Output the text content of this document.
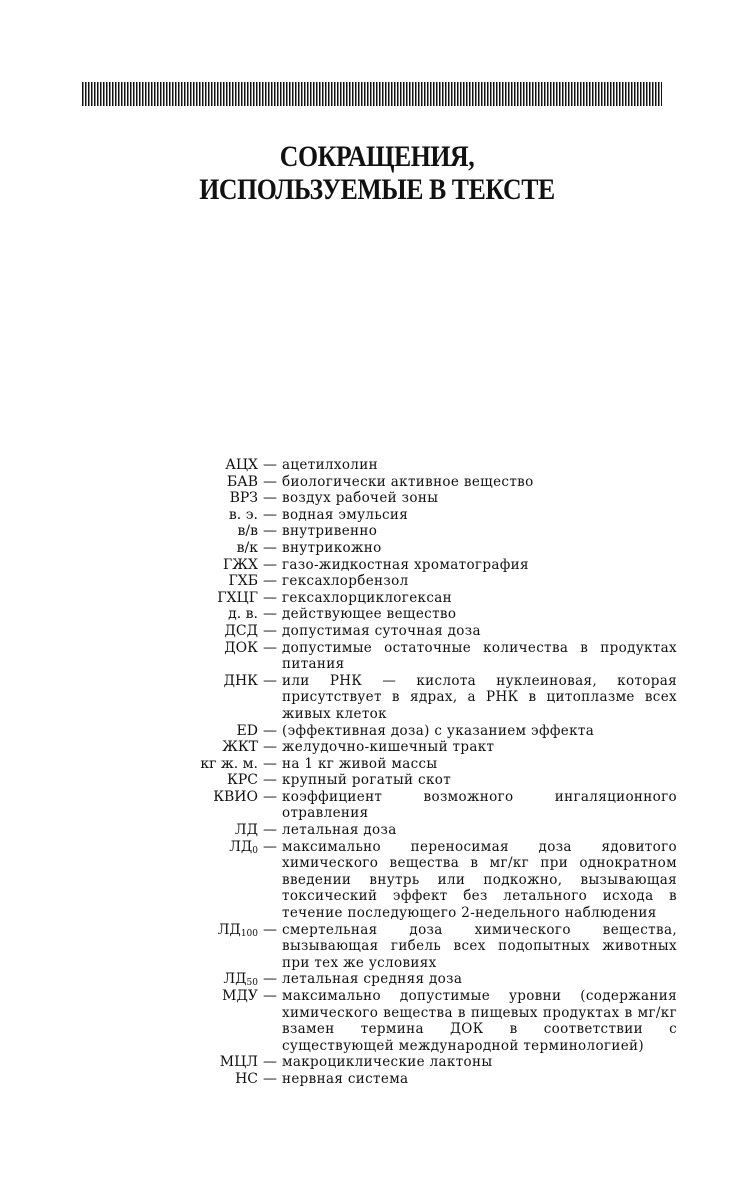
СОКРАЩЕНИЯ,
ИСПОЛЬЗУЕМЫЕ В ТЕКСТЕ
АЦХ — ацетилхолин
БАВ — биологически активное вещество
ВРЗ — воздух рабочей зоны
в. э. — водная эмульсия
в/в — внутривенно
в/к — внутрикожно
ГЖХ — газо-жидкостная хроматография
ГХБ — гексахлорбензол
ГХЦГ — гексахлорциклогексан
д. в. — действующее вещество
ДСД — допустимая суточная доза
ДОК — допустимые остаточные количества в продуктах питания
ДНК — или РНК — кислота нуклеиновая, которая присутствует в ядрах, а РНК в цитоплазме всех живых клеток
ED — (эффективная доза) с указанием эффекта
ЖКТ — желудочно-кишечный тракт
кг ж. м. — на 1 кг живой массы
КРС — крупный рогатый скот
КВИО — коэффициент возможного ингаляционного отравления
ЛД — летальная доза
$ЛД_0$ — максимально переносимая доза ядовитого химического вещества в мг/кг при однократном введении внутрь или подкожно, вызывающая токсический эффект без летального исхода в течение последующего 2-недельного наблюдения
$ЛД_{100}$ — смертельная доза химического вещества, вызывающая гибель всех подопытных животных при тех же условиях
$ЛД_{50}$ — летальная средняя доза
МДУ — максимально допустимые уровни (содержания химического вещества в пищевых продуктах в мг/кг взамен термина ДОК в соответствии с существующей международной терминологией)
МЦЛ — макроциклические лактоны
НС — нервная система
